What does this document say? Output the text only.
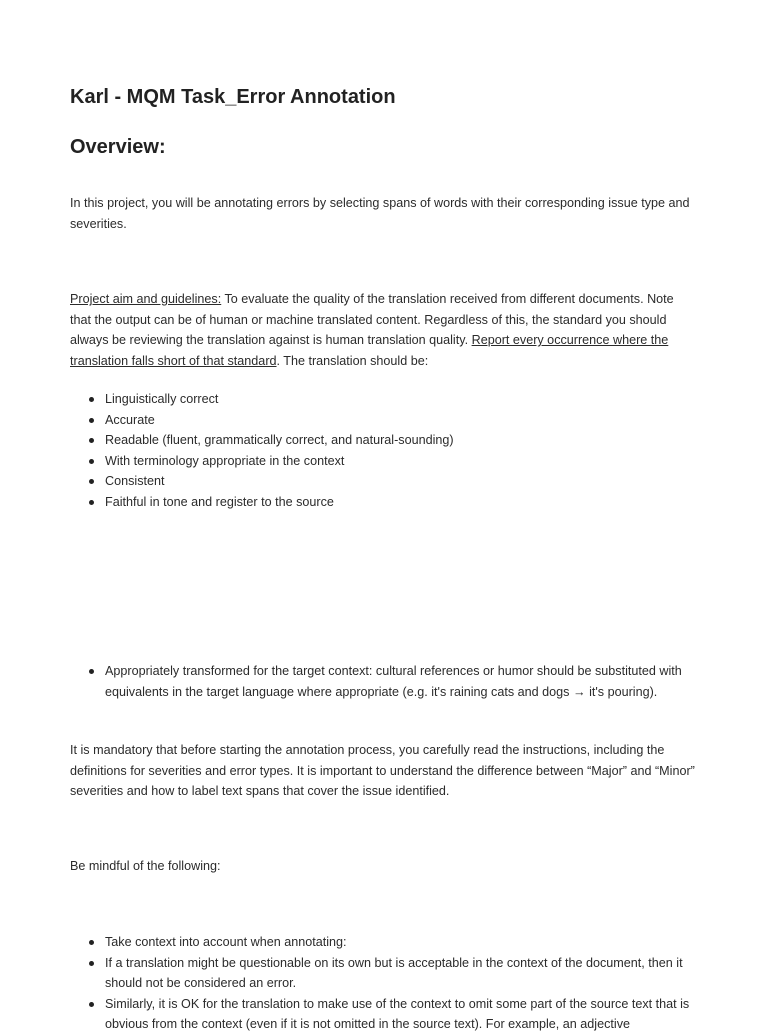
Karl - MQM Task_Error Annotation
Overview:

In this project, you will be annotating errors by selecting spans of words with their corresponding issue type and severities.

Project aim and guidelines: To evaluate the quality of the translation received from different documents. Note that the output can be of human or machine translated content. Regardless of this, the standard you should always be reviewing the translation against is human translation quality. Report every occurrence where the translation falls short of that standard. The translation should be:

Linguistically correct
Accurate
Readable (fluent, grammatically correct, and natural-sounding)
With terminology appropriate in the context
Consistent
Faithful in tone and register to the source
Appropriately transformed for the target context: cultural references or humor should be substituted with equivalents in the target language where appropriate (e.g. it's raining cats and dogs → it's pouring).

It is mandatory that before starting the annotation process, you carefully read the instructions, including the definitions for severities and error types. It is important to understand the difference between “Major” and “Minor” severities and how to label text spans that cover the issue identified.

Be mindful of the following:

Take context into account when annotating:
If a translation might be questionable on its own but is acceptable in the context of the document, then it should not be considered an error.
Similarly, it is OK for the translation to make use of the context to omit some part of the source text that is obvious from the context (even if it is not omitted in the source text). For example, an adjective
